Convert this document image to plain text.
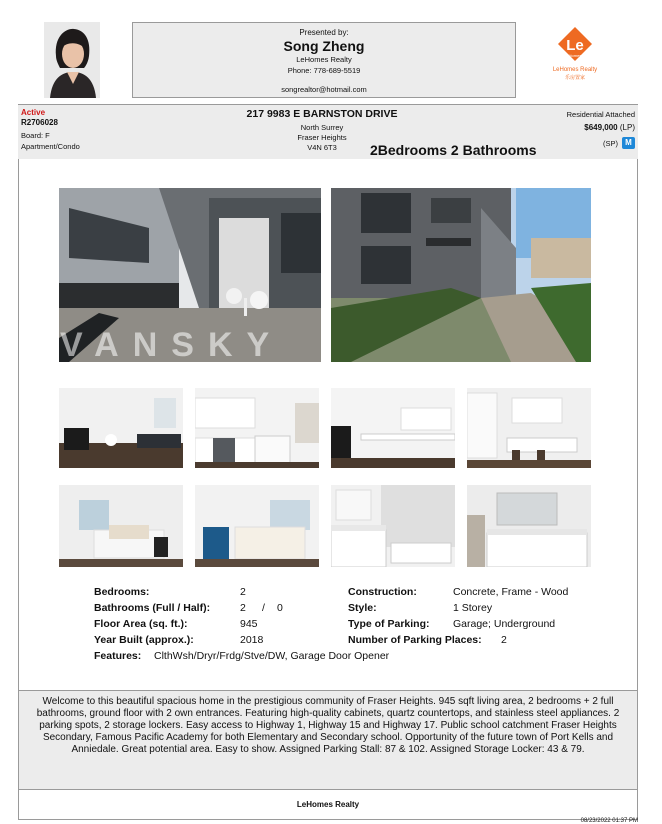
Presented by:
Song Zheng
LeHomes Realty
Phone: 778-689-5519
songrealtor@hotmail.com
Le
Homes
LeHomes Realty
乐房置家
Active
R2706028
Board: F
Apartment/Condo
217 9983 E BARNSTON DRIVE
North Surrey
Fraser Heights
V4N 6T3	2Bedrooms 2 Bathrooms
Residential Attached
$649,000 (LP)
(SP) M
VANSKY
Bedrooms:	2
Bathrooms (Full / Half):	2 / 0
Floor Area (sq. ft.):	945
Year Built (approx.):	2018
Features: ClthWsh/Dryr/Frdg/Stve/DW, Garage Door Opener
Construction:	Concrete, Frame - Wood
Style:	1 Storey
Type of Parking: Garage; Underground
Number of Parking Places: 2
Welcome to this beautiful spacious home in the prestigious community of Fraser Heights. 945 sqft living area, 2 bedrooms + 2 full bathrooms, ground floor with 2 own entrances. Featuring high-quality cabinets, quartz countertops, and stainless steel appliances. 2 parking spots, 2 storage lockers. Easy access to Highway 1, Highway 15 and Highway 17. Public school catchment Fraser Heights Secondary, Famous Pacific Academy for both Elementary and Secondary school. Opportunity of the future town of Port Kells and Anniedale. Great potential area. Easy to show. Assigned Parking Stall: 87 & 102. Assigned Storage Locker: 43 & 79.
LeHomes Realty
08/23/2022 01:37 PM
